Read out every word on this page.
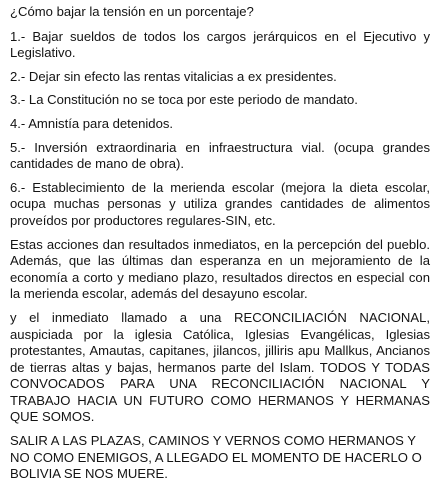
¿Cómo bajar la tensión en un porcentaje?

1.- Bajar sueldos de todos los cargos jerárquicos en el Ejecutivo y Legislativo.

2.- Dejar sin efecto las rentas vitalicias a ex presidentes.

3.- La Constitución no se toca por este periodo de mandato.

4.- Amnistía para detenidos.

5.- Inversión extraordinaria en infraestructura vial. (ocupa grandes cantidades de mano de obra).

6.- Establecimiento de la merienda escolar (mejora la dieta escolar, ocupa muchas personas y utiliza grandes cantidades de alimentos proveídos por productores regulares-SIN, etc.

Estas acciones dan resultados inmediatos, en la percepción del pueblo. Además, que las últimas dan esperanza en un mejoramiento de la economía a corto y mediano plazo, resultados directos en especial con la merienda escolar, además del desayuno escolar.

y el inmediato llamado a una RECONCILIACIÓN NACIONAL, auspiciada por la iglesia Católica, Iglesias Evangélicas, Iglesias protestantes, Amautas, capitanes, jilancos, jilliris apu Mallkus, Ancianos de tierras altas y bajas, hermanos parte del Islam. TODOS Y TODAS CONVOCADOS PARA UNA RECONCILIACIÓN NACIONAL Y TRABAJO HACIA UN FUTURO COMO HERMANOS Y HERMANAS QUE SOMOS.

SALIR A LAS PLAZAS, CAMINOS Y VERNOS COMO HERMANOS Y NO COMO ENEMIGOS, A LLEGADO EL MOMENTO DE HACERLO O BOLIVIA SE NOS MUERE.
